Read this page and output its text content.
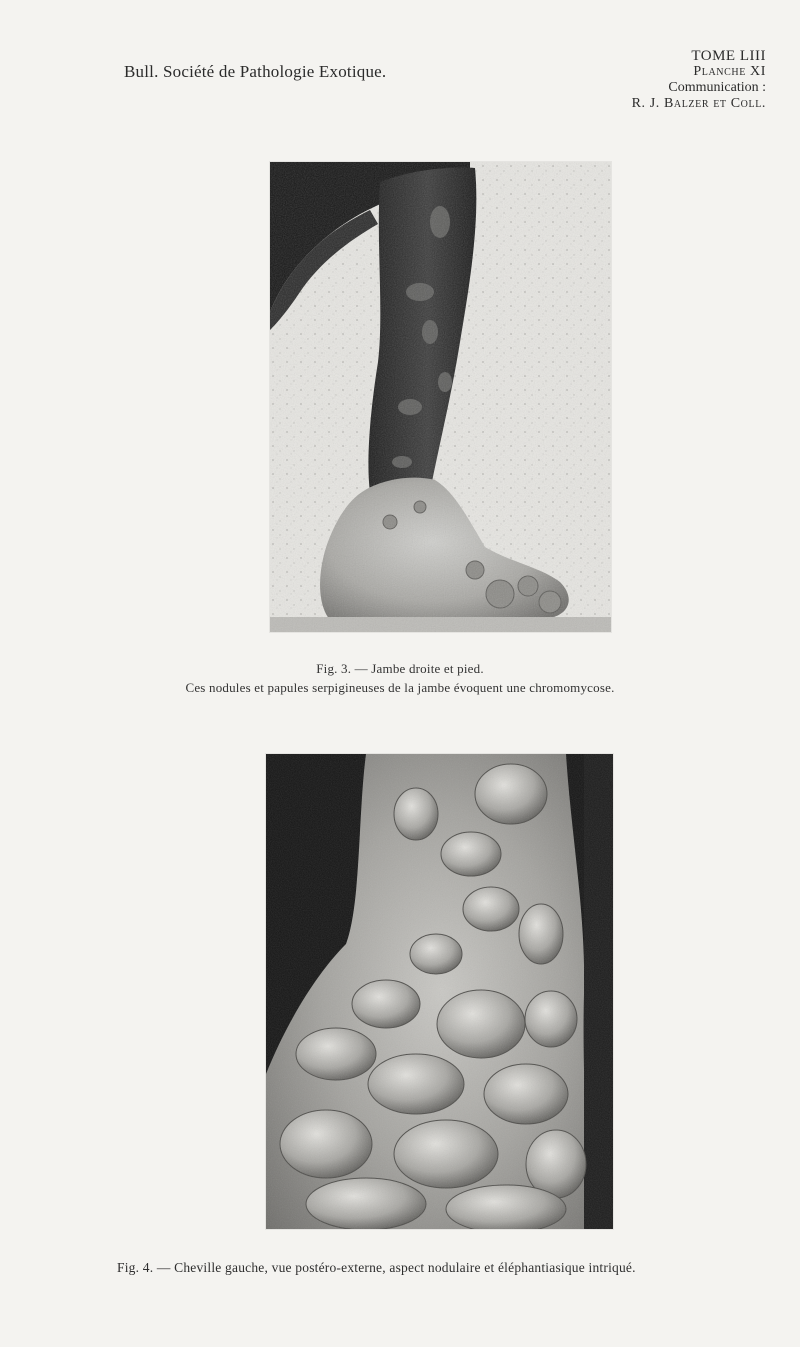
Bull. Société de Pathologie Exotique.
TOME LIII
Planche XI
Communication :
R. J. Balzer et Coll.
Fig. 3. — Jambe droite et pied.
Ces nodules et papules serpigineuses de la jambe évoquent une chromomycose.
Fig. 4. — Cheville gauche, vue postéro-externe, aspect nodulaire et éléphantiasique intriqué.
